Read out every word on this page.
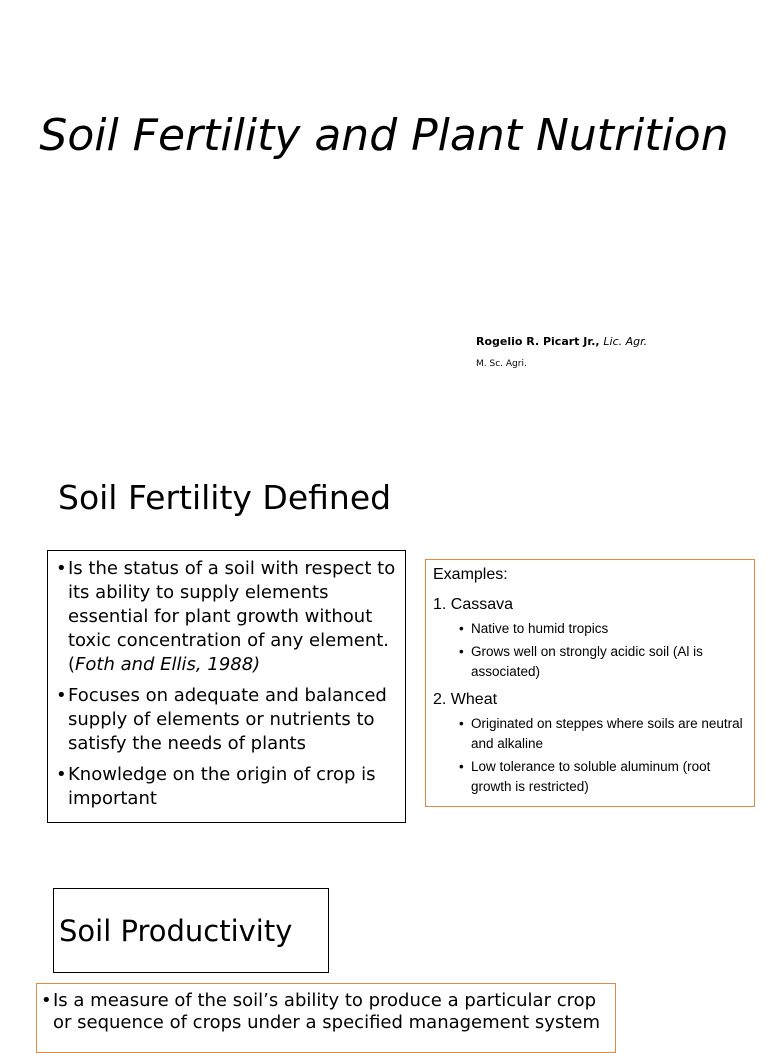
Soil Fertility and Plant Nutrition
Rogelio R. Picart Jr., Lic. Agr.
M. Sc. Agri.
Soil Fertility Defined
• Is the status of a soil with respect to its ability to supply elements essential for plant growth without toxic concentration of any element. (Foth and Ellis, 1988)
• Focuses on adequate and balanced supply of elements or nutrients to satisfy the needs of plants
• Knowledge on the origin of crop is important
Examples:
1. Cassava
• Native to humid tropics
• Grows well on strongly acidic soil (Al is associated)
2. Wheat
• Originated on steppes where soils are neutral and alkaline
• Low tolerance to soluble aluminum (root growth is restricted)
Soil Productivity
• Is a measure of the soil’s ability to produce a particular crop or sequence of crops under a specified management system
